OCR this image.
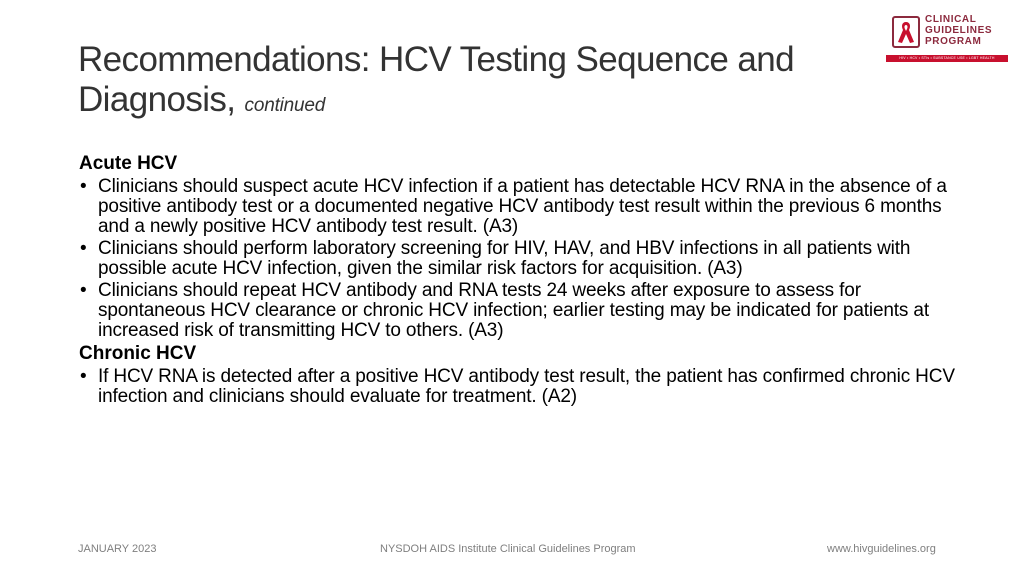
Recommendations: HCV Testing Sequence and Diagnosis, continued
CLINICAL
GUIDELINES
PROGRAM
HIV • HCV • STIs • SUBSTANCE USE • LGBT HEALTH
Acute HCV
• Clinicians should suspect acute HCV infection if a patient has detectable HCV RNA in the absence of a positive antibody test or a documented negative HCV antibody test result within the previous 6 months and a newly positive HCV antibody test result. (A3)
• Clinicians should perform laboratory screening for HIV, HAV, and HBV infections in all patients with possible acute HCV infection, given the similar risk factors for acquisition. (A3)
• Clinicians should repeat HCV antibody and RNA tests 24 weeks after exposure to assess for spontaneous HCV clearance or chronic HCV infection; earlier testing may be indicated for patients at increased risk of transmitting HCV to others. (A3)
Chronic HCV
• If HCV RNA is detected after a positive HCV antibody test result, the patient has confirmed chronic HCV infection and clinicians should evaluate for treatment. (A2)
JANUARY 2023	NYSDOH AIDS Institute Clinical Guidelines Program	www.hivguidelines.org
